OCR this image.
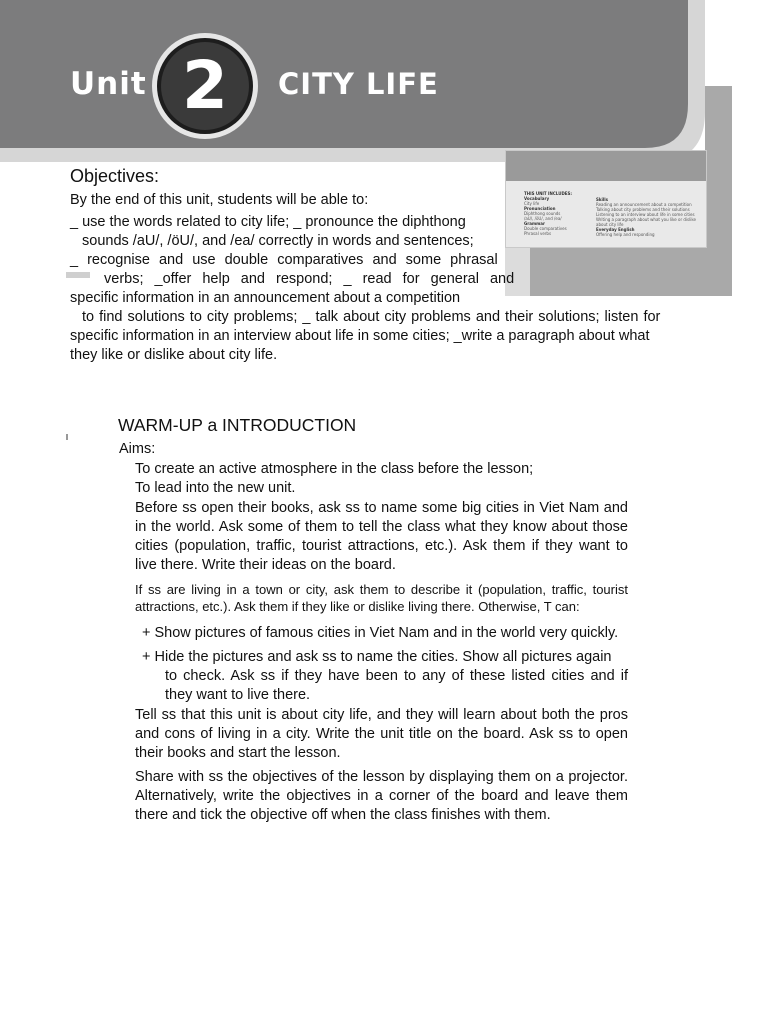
Unit 2	CITY LIFE
THIS UNIT INCLUDES:
Vocabulary
City life
Pronunciation
Diphthong sounds
/aU/, /öU/, and /ea/
Grammar
Double comparatives
Phrasal verbs
Skills
Reading an announcement about a competition
Talking about city problems and their solutions
Listening to an interview about life in some cities
Writing a paragraph about what you like or dislike about city life
Everyday English
Offering help and responding
Objectives:
By the end of this unit, students will be able to:
_ use the words related to city life; _ pronounce the diphthong
sounds /aU/, /öU/, and /ea/ correctly in words and sentences;
_ recognise and use double comparatives and some phrasal
verbs; _offer help and respond; _ read for general and
specific information in an announcement about a competition
to find solutions to city problems; _ talk about city problems and their solutions; listen for
specific information in an interview about life in some cities; _write a paragraph about what
they like or dislike about city life.
WARM-UP a INTRODUCTION
Aims:
To create an active atmosphere in the class before the lesson;
To lead into the new unit.
Before ss open their books, ask ss to name some big cities in Viet Nam and in the world. Ask some of them to tell the class what they know about those cities (population, traffic, tourist attractions, etc.). Ask them if they want to live there. Write their ideas on the board.
If ss are living in a town or city, ask them to describe it (population, traffic, tourist attractions, etc.). Ask them if they like or dislike living there. Otherwise, T can:
+ Show pictures of famous cities in Viet Nam and in the world very quickly.
+ Hide the pictures and ask ss to name the cities. Show all pictures again
to check. Ask ss if they have been to any of these listed cities and if they want to live there.
Tell ss that this unit is about city life, and they will learn about both the pros and cons of living in a city. Write the unit title on the board. Ask ss to open their books and start the lesson.
Share with ss the objectives of the lesson by displaying them on a projector. Alternatively, write the objectives in a corner of the board and leave them there and tick the objective off when the class finishes with them.
